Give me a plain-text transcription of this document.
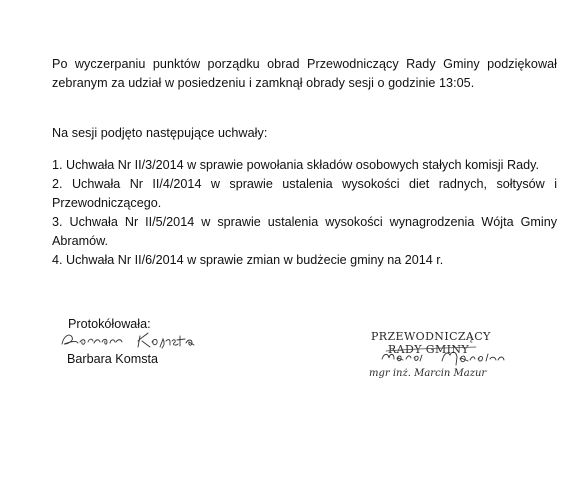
Po wyczerpaniu punktów porządku obrad Przewodniczący Rady Gminy podziękował zebranym za udział w posiedzeniu i zamknął obrady sesji o godzinie 13:05.

Na sesji podjęto następujące uchwały:

1. Uchwała Nr II/3/2014 w sprawie powołania składów osobowych stałych komisji Rady.
2. Uchwała Nr II/4/2014 w sprawie ustalenia wysokości diet radnych, sołtysów i Przewodniczącego.
3. Uchwała Nr II/5/2014 w sprawie ustalenia wysokości wynagrodzenia Wójta Gminy Abramów.
4. Uchwała Nr II/6/2014 w sprawie zmian w budżecie gminy na 2014 r.
Protokółowała:
Barbara Komsta
PRZEWODNICZĄCY
RADY GMINY
mgr inż. Marcin Mazur
